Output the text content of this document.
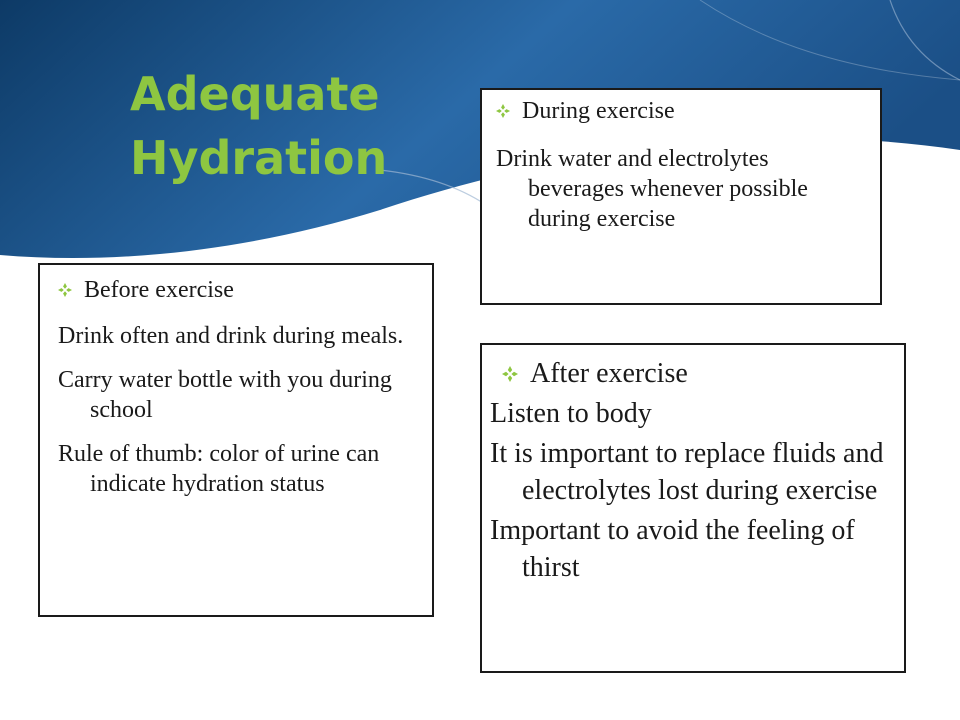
Adequate
Hydration
During exercise

Drink water and electrolytes beverages whenever possible during exercise

Before exercise

Drink often and drink during meals.

Carry water bottle with you during school

Rule of thumb: color of urine can indicate hydration status

After exercise

Listen to body

It is important to replace fluids and electrolytes lost during exercise

Important to avoid the feeling of thirst
